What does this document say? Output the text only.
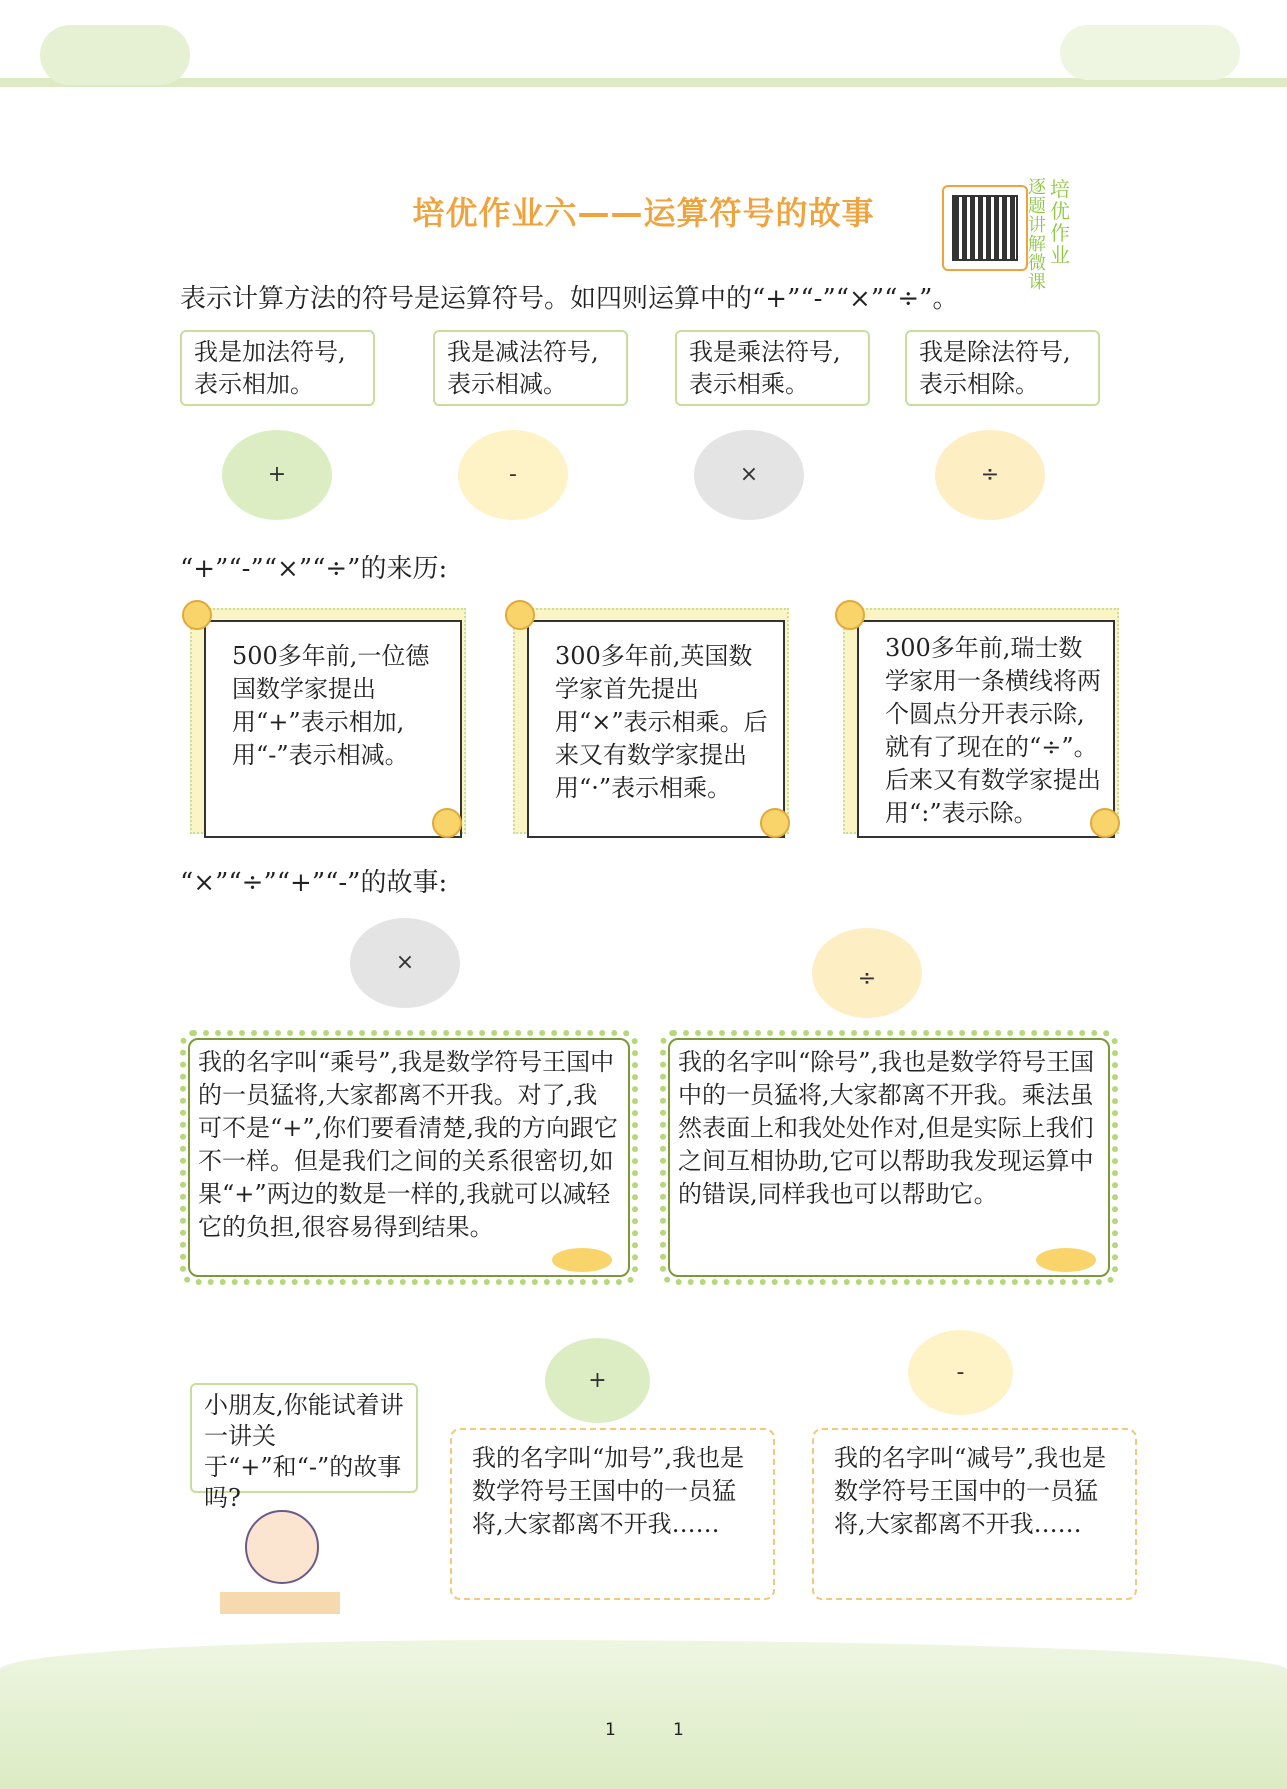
培优作业六——运算符号的故事
逐题讲解微课
培优作业
表示计算方法的符号是运算符号。如四则运算中的“+”“-”“×”“÷”。
我是加法符号,
表示相加。
我是减法符号,
表示相减。
我是乘法符号,
表示相乘。
我是除法符号,
表示相除。
+	-	×	÷
“+”“-”“×”“÷”的来历:
500多年前,一位德国数学家提出用“+”表示相加,用“-”表示相减。
300多年前,英国数学家首先提出用“×”表示相乘。后来又有数学家提出用“·”表示相乘。
300多年前,瑞士数学家用一条横线将两个圆点分开表示除,就有了现在的“÷”。后来又有数学家提出用“:”表示除。
“×”“÷”“+”“-”的故事:
×
÷
我的名字叫“乘号”,我是数学符号王国中的一员猛将,大家都离不开我。对了,我可不是“+”,你们要看清楚,我的方向跟它不一样。但是我们之间的关系很密切,如果“+”两边的数是一样的,我就可以减轻它的负担,很容易得到结果。
我的名字叫“除号”,我也是数学符号王国中的一员猛将,大家都离不开我。乘法虽然表面上和我处处作对,但是实际上我们之间互相协助,它可以帮助我发现运算中的错误,同样我也可以帮助它。
+	-
小朋友,你能试着讲一讲关于“+”和“-”的故事吗?
我的名字叫“加号”,我也是数学符号王国中的一员猛将,大家都离不开我……
我的名字叫“减号”,我也是数学符号王国中的一员猛将,大家都离不开我……
1	1
